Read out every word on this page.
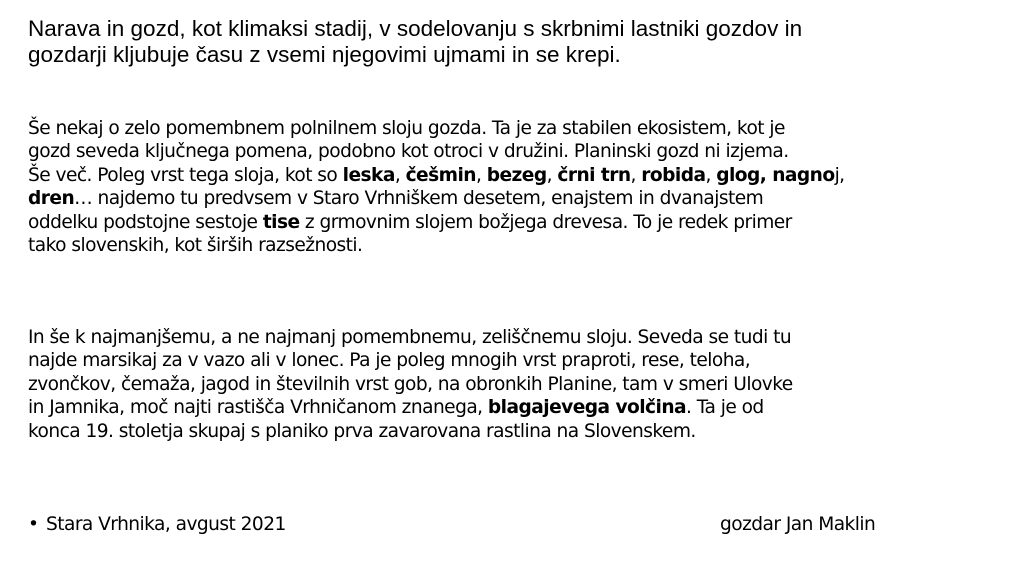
Narava in gozd, kot klimaksi stadij, v sodelovanju s skrbnimi lastniki gozdov in
gozdarji kljubuje času z vsemi njegovimi ujmami in se krepi.

Še nekaj o zelo pomembnem polnilnem sloju gozda. Ta je za stabilen ekosistem, kot je
gozd seveda ključnega pomena, podobno kot otroci v družini. Planinski gozd ni izjema.
Še več. Poleg vrst tega sloja, kot so leska, češmin, bezeg, črni trn, robida, glog, nagnoj,
dren… najdemo tu predvsem v Staro Vrhniškem desetem, enajstem in dvanajstem
oddelku podstojne sestoje tise z grmovnim slojem božjega drevesa. To je redek primer
tako slovenskih, kot širših razsežnosti.

In še k najmanjšemu, a ne najmanj pomembnemu, zeliščnemu sloju. Seveda se tudi tu
najde marsikaj za v vazo ali v lonec. Pa je poleg mnogih vrst praproti, rese, teloha,
zvončkov, čemaža, jagod in številnih vrst gob, na obronkih Planine, tam v smeri Ulovke
in Jamnika, moč najti rastišča Vrhničanom znanega, blagajevega volčina. Ta je od
konca 19. stoletja skupaj s planiko prva zavarovana rastlina na Slovenskem.

• Stara Vrhnika, avgust 2021	gozdar Jan Maklin
